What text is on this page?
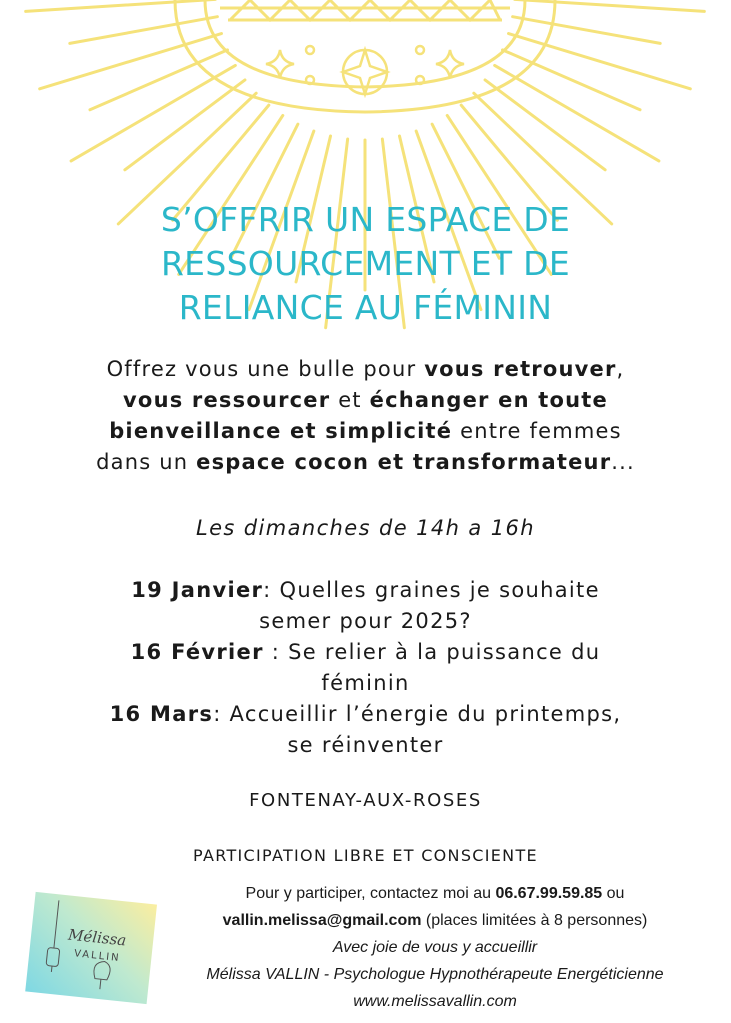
S’OFFRIR UN ESPACE DE
RESSOURCEMENT ET DE
RELIANCE AU FÉMININ
Offrez vous une bulle pour vous retrouver,
vous ressourcer et échanger en toute
bienveillance et simplicité entre femmes
dans un espace cocon et transformateur...
Les dimanches de 14h a 16h
19 Janvier: Quelles graines je souhaite
semer pour 2025?
16 Février : Se relier à la puissance du
féminin
16 Mars: Accueillir l’énergie du printemps,
se réinventer
FONTENAY-AUX-ROSES
PARTICIPATION LIBRE ET CONSCIENTE
Mélissa
VALLIN
Pour y participer, contactez moi au 06.67.99.59.85 ou
vallin.melissa@gmail.com (places limitées à 8 personnes)
Avec joie de vous y accueillir
Mélissa VALLIN - Psychologue Hypnothérapeute Energéticienne
www.melissavallin.com
